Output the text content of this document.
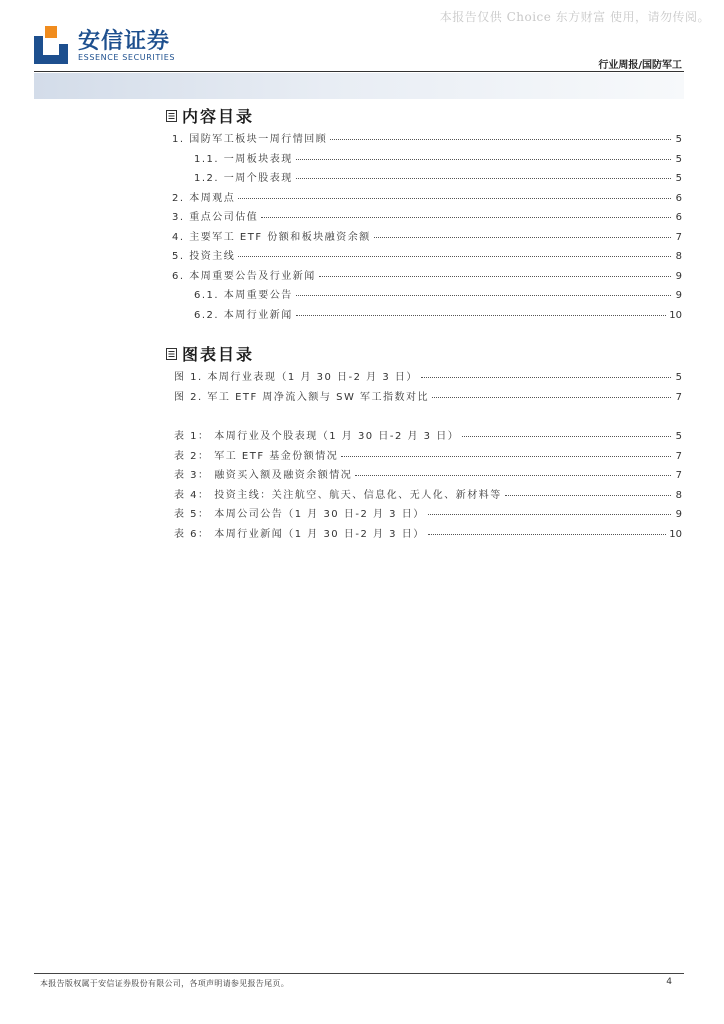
本报告仅供 Choice 东方财富 使用，请勿传阅。
安信证券
ESSENCE SECURITIES
行业周报/国防军工
内容目录
1. 国防军工板块一周行情回顾	5
1.1. 一周板块表现	5
1.2. 一周个股表现	5
2. 本周观点	6
3. 重点公司估值	6
4. 主要军工 ETF 份额和板块融资余额	7
5. 投资主线	8
6. 本周重要公告及行业新闻	9
6.1. 本周重要公告	9
6.2. 本周行业新闻	10
图表目录
图 1. 本周行业表现（1 月 30 日-2 月 3 日）	5
图 2. 军工 ETF 周净流入额与 SW 军工指数对比	7
表 1： 本周行业及个股表现（1 月 30 日-2 月 3 日）	5
表 2： 军工 ETF 基金份额情况	7
表 3： 融资买入额及融资余额情况	7
表 4： 投资主线：关注航空、航天、信息化、无人化、新材料等	8
表 5： 本周公司公告（1 月 30 日-2 月 3 日）	9
表 6： 本周行业新闻（1 月 30 日-2 月 3 日）	10
本报告版权属于安信证券股份有限公司，各项声明请参见报告尾页。	4
